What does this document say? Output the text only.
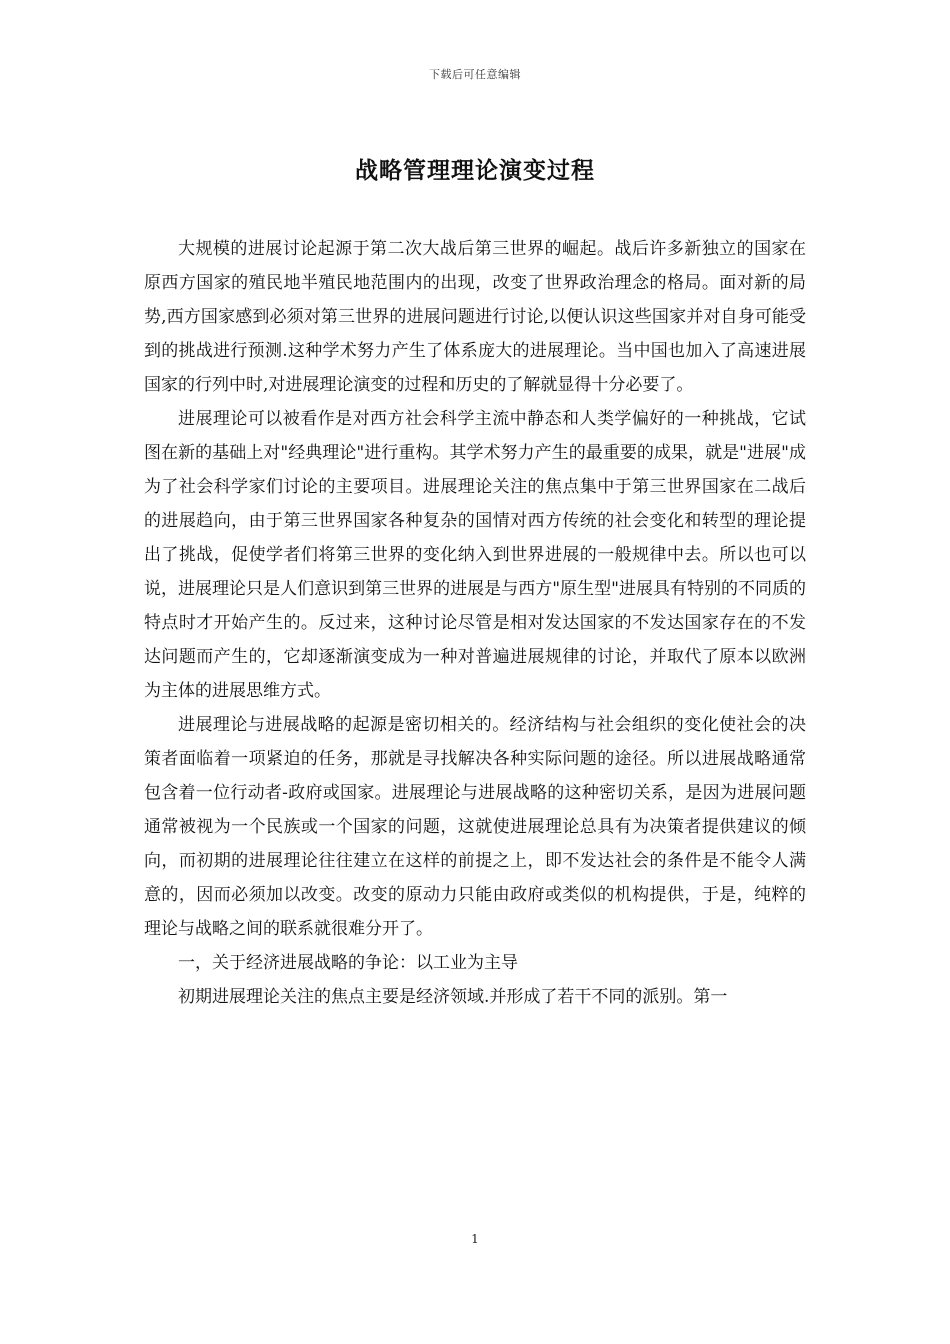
下载后可任意编辑
战略管理理论演变过程

大规模的进展讨论起源于第二次大战后第三世界的崛起。战后许多新独立的国家在原西方国家的殖民地半殖民地范围内的出现，改变了世界政治理念的格局。面对新的局势,西方国家感到必须对第三世界的进展问题进行讨论,以便认识这些国家并对自身可能受到的挑战进行预测.这种学术努力产生了体系庞大的进展理论。当中国也加入了高速进展国家的行列中时,对进展理论演变的过程和历史的了解就显得十分必要了。

进展理论可以被看作是对西方社会科学主流中静态和人类学偏好的一种挑战，它试图在新的基础上对"经典理论"进行重构。其学术努力产生的最重要的成果，就是"进展"成为了社会科学家们讨论的主要项目。进展理论关注的焦点集中于第三世界国家在二战后的进展趋向，由于第三世界国家各种复杂的国情对西方传统的社会变化和转型的理论提出了挑战，促使学者们将第三世界的变化纳入到世界进展的一般规律中去。所以也可以说，进展理论只是人们意识到第三世界的进展是与西方"原生型"进展具有特别的不同质的特点时才开始产生的。反过来，这种讨论尽管是相对发达国家的不发达国家存在的不发达问题而产生的，它却逐渐演变成为一种对普遍进展规律的讨论，并取代了原本以欧洲为主体的进展思维方式。

进展理论与进展战略的起源是密切相关的。经济结构与社会组织的变化使社会的决策者面临着一项紧迫的任务，那就是寻找解决各种实际问题的途径。所以进展战略通常包含着一位行动者-政府或国家。进展理论与进展战略的这种密切关系，是因为进展问题通常被视为一个民族或一个国家的问题，这就使进展理论总具有为决策者提供建议的倾向，而初期的进展理论往往建立在这样的前提之上，即不发达社会的条件是不能令人满意的，因而必须加以改变。改变的原动力只能由政府或类似的机构提供，于是，纯粹的理论与战略之间的联系就很难分开了。

一，关于经济进展战略的争论：以工业为主导

初期进展理论关注的焦点主要是经济领域.并形成了若干不同的派别。第一

1
